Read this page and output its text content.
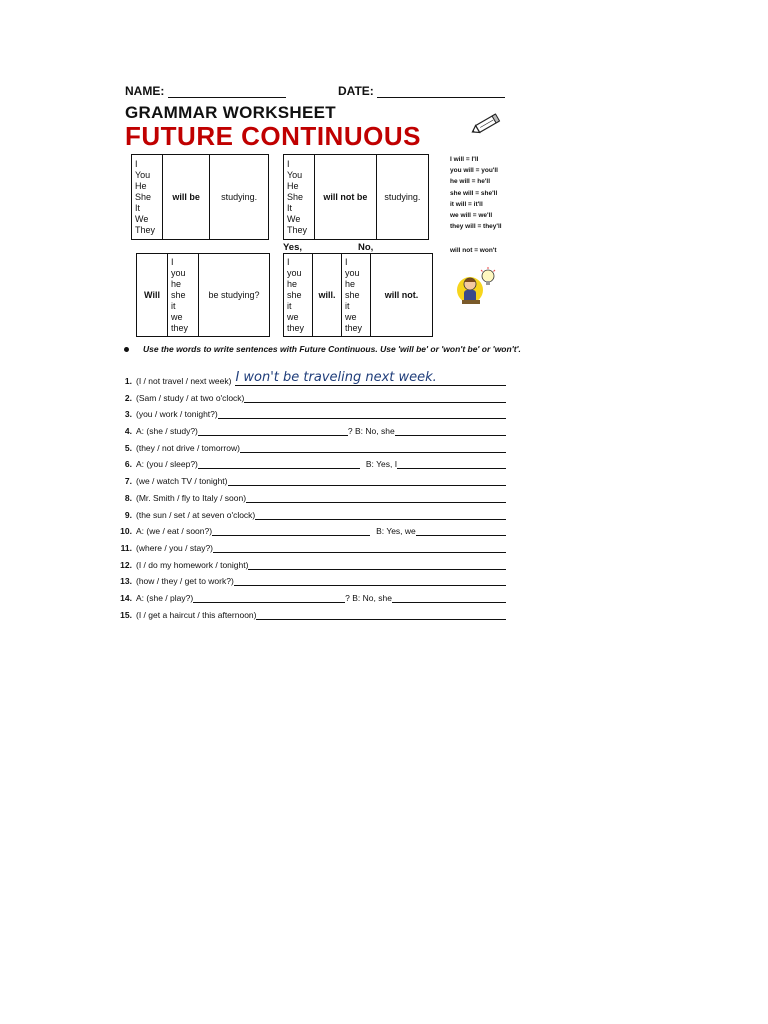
NAME:	DATE:
GRAMMAR WORKSHEET
FUTURE CONTINUOUS
I
You
He
She
It
We
They
	will be	studying.
I
You
He
She
It
We
They
	will not be	studying.
Yes,	No,
Will	
I
you
he
she
it
we
they
	be studying?
I
you
he
she
it
we
they
	will.	
I
you
he
she
it
we
they
	will not.
I will = I'll
you will = you'll
he will = he'll
she will = she'll
it will = it'll
we will = we'll
they will = they'll
will not = won't
Use the words to write sentences with Future Continuous. Use 'will be' or 'won't be' or 'won't'.
1. (I / not travel / next week) I won't be traveling next week.
2. (Sam / study / at two o'clock)
3. (you / work / tonight?)
4. A: (she / study?)	? B: No, she
5. (they / not drive / tomorrow)
6. A: (you / sleep?)	B: Yes, I
7. (we / watch TV / tonight)
8. (Mr. Smith / fly to Italy / soon)
9. (the sun / set / at seven o'clock)
10. A: (we / eat / soon?)	B: Yes, we
11. (where / you / stay?)
12. (I / do my homework / tonight)
13. (how / they / get to work?)
14. A: (she / play?)	? B: No, she
15. (I / get a haircut / this afternoon)
